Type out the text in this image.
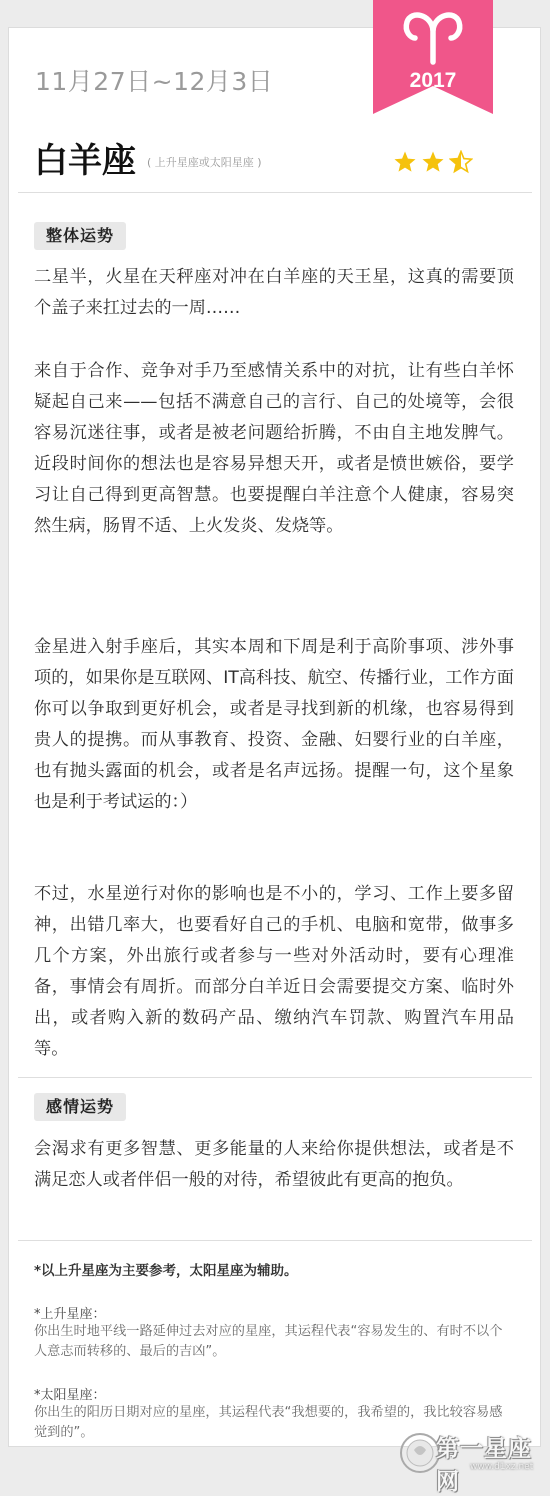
2017
11月27日~12月3日
白羊座 ( 上升星座或太阳星座 )
整体运势

二星半，火星在天秤座对冲在白羊座的天王星，这真的需要顶个盖子来扛过去的一周……

来自于合作、竞争对手乃至感情关系中的对抗，让有些白羊怀疑起自己来——包括不满意自己的言行、自己的处境等，会很容易沉迷往事，或者是被老问题给折腾，不由自主地发脾气。近段时间你的想法也是容易异想天开，或者是愤世嫉俗，要学习让自己得到更高智慧。也要提醒白羊注意个人健康，容易突然生病，肠胃不适、上火发炎、发烧等。

金星进入射手座后，其实本周和下周是利于高阶事项、涉外事项的，如果你是互联网、IT高科技、航空、传播行业，工作方面你可以争取到更好机会，或者是寻找到新的机缘，也容易得到贵人的提携。而从事教育、投资、金融、妇婴行业的白羊座，也有抛头露面的机会，或者是名声远扬。提醒一句，这个星象也是利于考试运的：）

不过，水星逆行对你的影响也是不小的，学习、工作上要多留神，出错几率大，也要看好自己的手机、电脑和宽带，做事多几个方案，外出旅行或者参与一些对外活动时，要有心理准备，事情会有周折。而部分白羊近日会需要提交方案、临时外出，或者购入新的数码产品、缴纳汽车罚款、购置汽车用品等。

感情运势

会渴求有更多智慧、更多能量的人来给你提供想法，或者是不满足恋人或者伴侣一般的对待，希望彼此有更高的抱负。

*以上升星座为主要参考，太阳星座为辅助。
*上升星座：
你出生时地平线一路延伸过去对应的星座，其运程代表“容易发生的、有时不以个人意志而转移的、最后的吉凶”。
*太阳星座：
你出生的阳历日期对应的星座，其运程代表“我想要的，我希望的，我比较容易感觉到的”。
第一星座网
www.d1xz.net
